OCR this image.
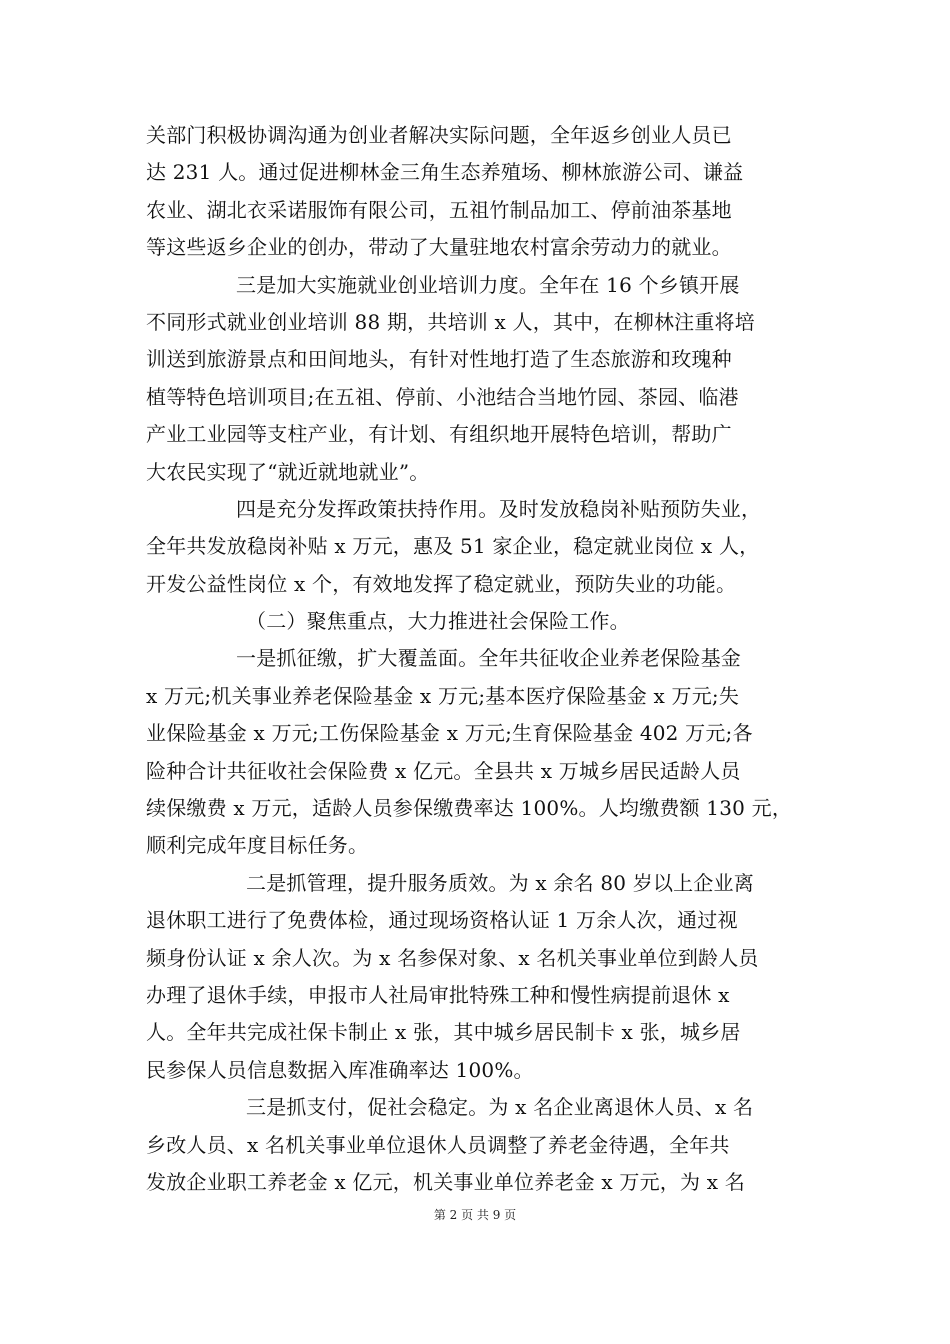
关部门积极协调沟通为创业者解决实际问题，全年返乡创业人员已
达 231 人。通过促进柳林金三角生态养殖场、柳林旅游公司、谦益
农业、湖北衣采诺服饰有限公司，五祖竹制品加工、停前油茶基地
等这些返乡企业的创办，带动了大量驻地农村富余劳动力的就业。
三是加大实施就业创业培训力度。全年在 16 个乡镇开展
不同形式就业创业培训 88 期，共培训 x 人，其中，在柳林注重将培
训送到旅游景点和田间地头，有针对性地打造了生态旅游和玫瑰种
植等特色培训项目;在五祖、停前、小池结合当地竹园、茶园、临港
产业工业园等支柱产业，有计划、有组织地开展特色培训，帮助广
大农民实现了“就近就地就业”。
四是充分发挥政策扶持作用。及时发放稳岗补贴预防失业，
全年共发放稳岗补贴 x 万元，惠及 51 家企业，稳定就业岗位 x 人，
开发公益性岗位 x 个，有效地发挥了稳定就业，预防失业的功能。
（二）聚焦重点，大力推进社会保险工作。
一是抓征缴，扩大覆盖面。全年共征收企业养老保险基金
x 万元;机关事业养老保险基金 x 万元;基本医疗保险基金 x 万元;失
业保险基金 x 万元;工伤保险基金 x 万元;生育保险基金 402 万元;各
险种合计共征收社会保险费 x 亿元。全县共 x 万城乡居民适龄人员
续保缴费 x 万元，适龄人员参保缴费率达 100%。人均缴费额 130 元，
顺利完成年度目标任务。
二是抓管理，提升服务质效。为 x 余名 80 岁以上企业离
退休职工进行了免费体检，通过现场资格认证 1 万余人次，通过视
频身份认证 x 余人次。为 x 名参保对象、x 名机关事业单位到龄人员
办理了退休手续，申报市人社局审批特殊工种和慢性病提前退休 x
人。全年共完成社保卡制止 x 张，其中城乡居民制卡 x 张，城乡居
民参保人员信息数据入库准确率达 100%。
三是抓支付，促社会稳定。为 x 名企业离退休人员、x 名
乡改人员、x 名机关事业单位退休人员调整了养老金待遇，全年共
发放企业职工养老金 x 亿元，机关事业单位养老金 x 万元，为 x 名
第 2 页 共 9 页
